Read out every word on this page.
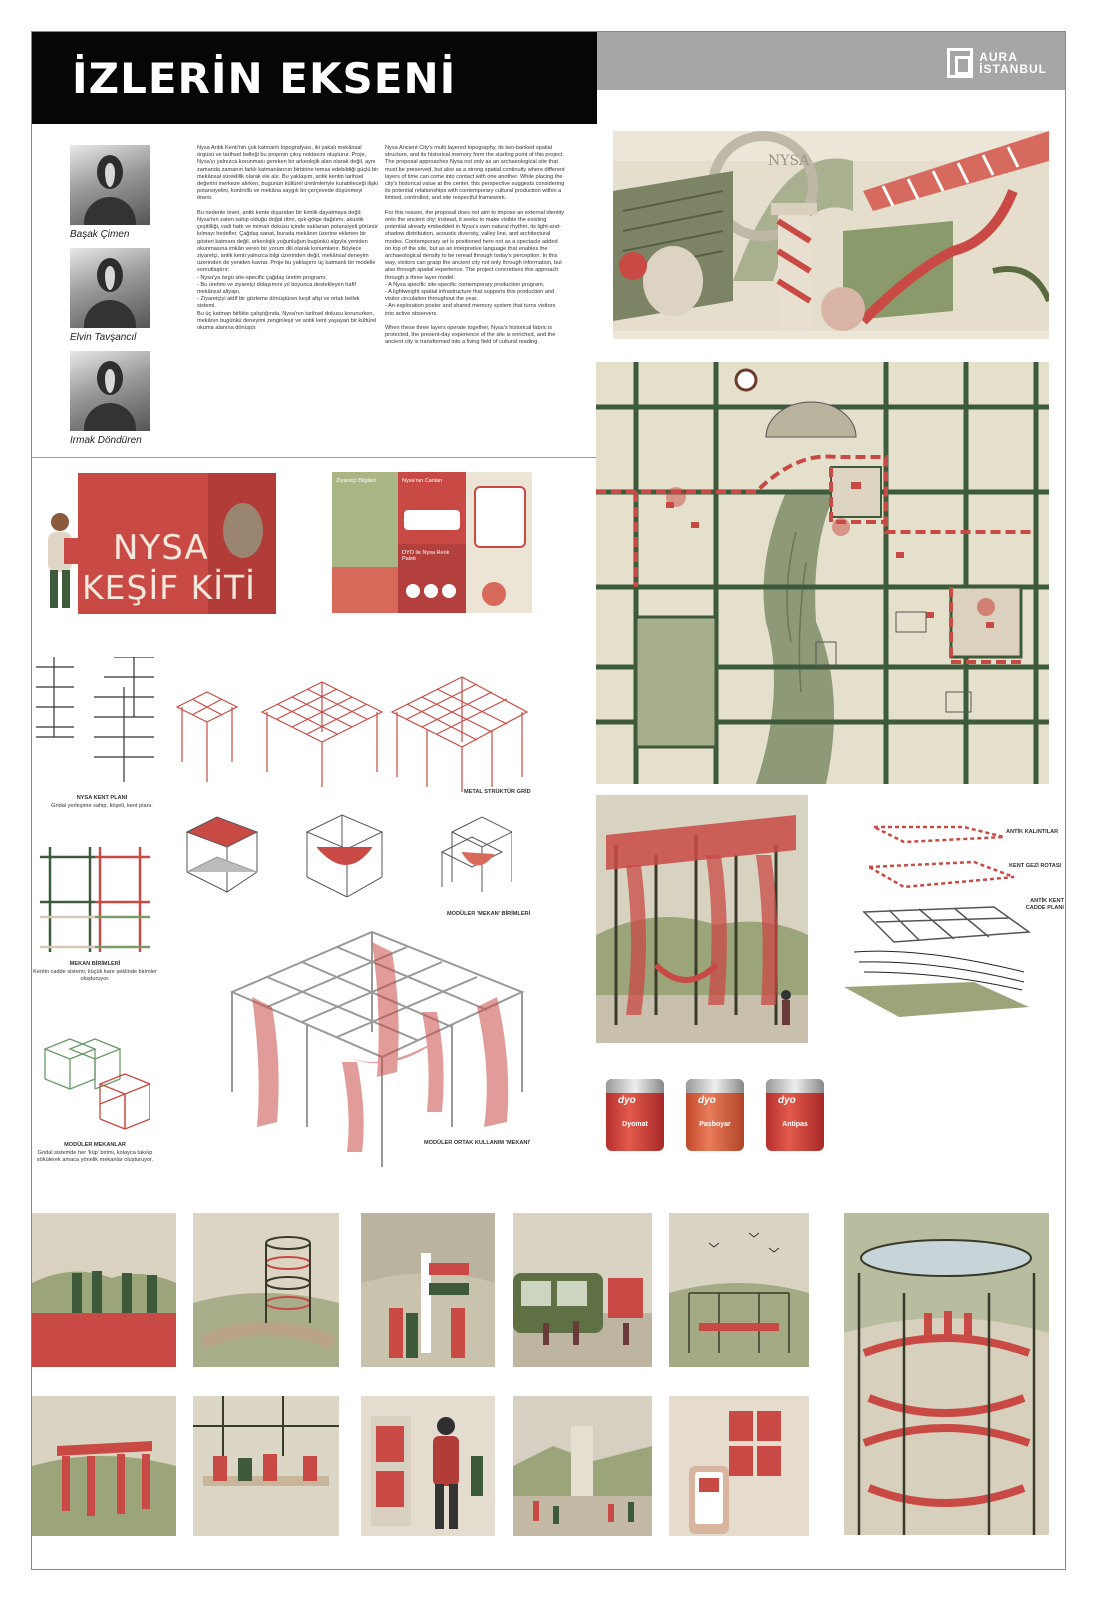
İZLERİN EKSENİ	AURA
İSTANBUL
Başak Çimen
Elvin Tavşancıl
Irmak Döndüren
Nysa Antik Kenti'nin çok katmanlı topografyası, iki yakalı mekânsal örgüsü ve tarihsel belleği bu projenin çıkış noktasını oluşturur. Proje, Nysa'yı yalnızca korunması gereken bir arkeolojik alan olarak değil, aynı zamanda zamanın farklı katmanlarının birbirine temas edebildiği güçlü bir mekânsal süreklilik olarak ele alır. Bu yaklaşım, antik kentin tarihsel değerini merkeze alırken, bugünün kültürel üretimleriyle kurabileceği ilişki potansiyelini, kontrollü ve mekâna saygılı bir çerçevede düşünmeyi önerir.

Bu nedenle öneri, antik kente dışarıdan bir kimlik dayatmaya değil; Nysa'nın zaten sahip olduğu doğal ritmi, ışık-gölge dağılımı, akustik çeşitliliği, vadi hattı ve mimari dokusu içinde saklanan potansiyeli görünür kılmayı hedefler. Çağdaş sanat, burada mekânın üzerine eklenen bir gösteri katmanı değil, arkeolojik yoğunluğun bugünkü algıyla yeniden okunmasına imkân veren bir yorum dili olarak konumlanır. Böylece ziyaretçi, antik kenti yalnızca bilgi üzerinden değil, mekânsal deneyim üzerinden de yeniden kavrar. Proje bu yaklaşımı üç katmanlı bir modelle somutlaştırır:
- Nysa'ya özgü site-specific çağdaş üretim programı,
- Bu üretimi ve ziyaretçi dolaşımını yıl boyunca destekleyen hafif mekânsal altyapı,
- Ziyaretçiyi aktif bir gözleme dönüştüren keşif afişi ve ortak bellek sistemi.
Bu üç katman birlikte çalıştığında, Nysa'nın tarihsel dokusu korunurken, mekânın bugünkü deneyimi zenginleşir ve antik kent yaşayan bir kültürel okuma alanına dönüşür.
Nysa Ancient City's multi layered topography, its two-banked spatial structure, and its historical memory form the starting point of this project. The proposal approaches Nysa not only as an archaeological site that must be preserved, but also as a strong spatial continuity where different layers of time can come into contact with one another. While placing the city's historical value at the center, this perspective suggests considering its potential relationships with contemporary cultural production within a limited, controlled, and site respectful framework.

For this reason, the proposal does not aim to impose an external identity onto the ancient city; instead, it seeks to make visible the existing potential already embedded in Nysa's own natural rhythm, its light-and-shadow distribution, acoustic diversity, valley line, and architectural modes. Contemporary art is positioned here not as a spectacle added on top of the site, but as an interpretive language that enables the archaeological density to be reread through today's perception. In this way, visitors can grasp the ancient city not only through information, but also through spatial experience. The project concretises this approach through a three layer model:
- A Nysa specific site-specific contemporary production program,
- A lightweight spatial infrastructure that supports this production and visitor circulation throughout the year,
- An exploration poster and shared memory system that turns visitors into active observers.

When these three layers operate together, Nysa's historical fabric is protected, the present-day experience of the site is enriched, and the ancient city is transformed into a living field of cultural reading.
NYSA
NYSA
KEŞİF KİTİ
Ziyaretçi Bilgileri	Nysa'nın Canları
DYO ile Nysa Renk Paleti
NYSA KENT PLANI
Gridal yerleşime sahip, köşeli, kent planı.
METAL STRÜKTÜR GRİD
MEKAN BİRİMLERİ
Kentin cadde sistemi, küçük kare şeklinde birimler oluşturuyor.
MODÜLER 'MEKAN' BİRİMLERİ
MODÜLER MEKANLAR
Gridal sistemde her 'küp' birimi, kolayca takılıp sökülerek amaca yönelik mekanlar oluşturuyor.
MODÜLER ORTAK KULLANIM 'MEKANI'
ANTİK KALINTILAR
KENT GEZİ ROTASI
ANTİK KENT CADDE PLANI
dyo
Dyomat
dyo
Pasboyar
dyo
Antipas
